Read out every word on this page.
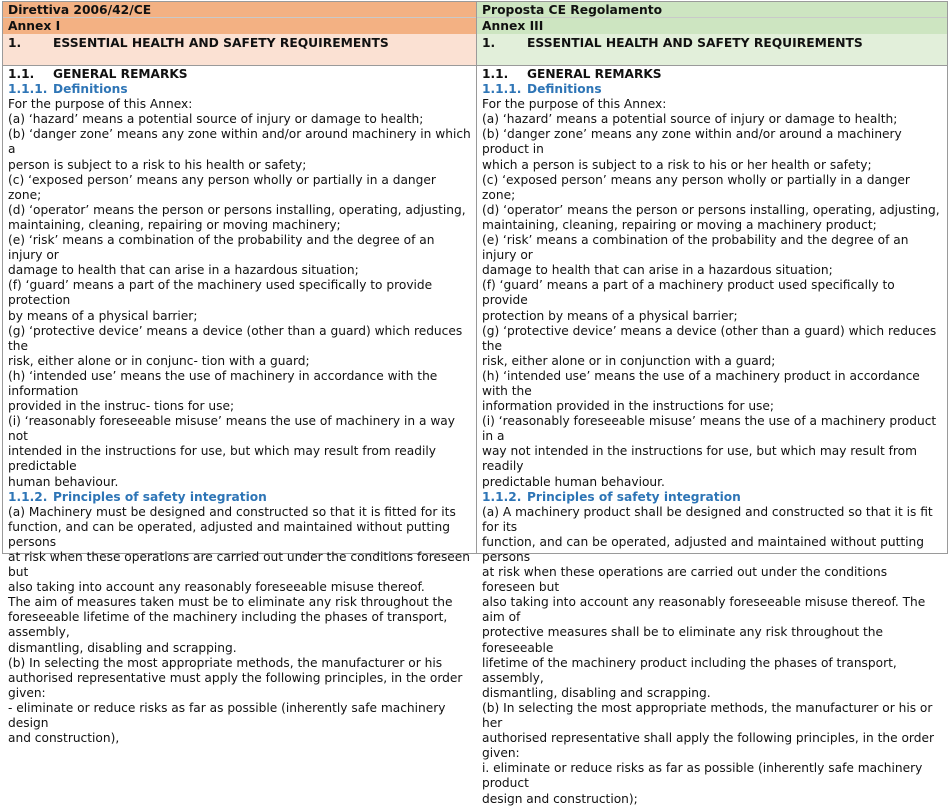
Direttiva 2006/42/CE
Annex I
1.	ESSENTIAL HEALTH AND SAFETY REQUIREMENTS

1.1. GENERAL REMARKS

1.1.1. Definitions

For the purpose of this Annex:

(a) ‘hazard’ means a potential source of injury or damage to health;

(b) ‘danger zone’ means any zone within and/or around machinery in which a

person is subject to a risk to his health or safety;

(c) ‘exposed person’ means any person wholly or partially in a danger zone;

(d) ‘operator’ means the person or persons installing, operating, adjusting,

maintaining, cleaning, repairing or moving machinery;

(e) ‘risk’ means a combination of the probability and the degree of an injury or

damage to health that can arise in a hazardous situation;

(f) ‘guard’ means a part of the machinery used specifically to provide protection

by means of a physical barrier;

(g) ‘protective device’ means a device (other than a guard) which reduces the

risk, either alone or in conjunc- tion with a guard;

(h) ‘intended use’ means the use of machinery in accordance with the information

provided in the instruc- tions for use;

(i) ‘reasonably foreseeable misuse’ means the use of machinery in a way not

intended in the instructions for use, but which may result from readily predictable

human behaviour.

1.1.2. Principles of safety integration

(a) Machinery must be designed and constructed so that it is fitted for its

function, and can be operated, adjusted and maintained without putting persons

at risk when these operations are carried out under the conditions foreseen but

also taking into account any reasonably foreseeable misuse thereof.

The aim of measures taken must be to eliminate any risk throughout the

foreseeable lifetime of the machinery including the phases of transport, assembly,

dismantling, disabling and scrapping.

(b) In selecting the most appropriate methods, the manufacturer or his

authorised representative must apply the following principles, in the order given:

- eliminate or reduce risks as far as possible (inherently safe machinery design

and construction),

Proposta CE Regolamento
Annex III
1.	ESSENTIAL HEALTH AND SAFETY REQUIREMENTS

1.1. GENERAL REMARKS

1.1.1. Definitions

For the purpose of this Annex:

(a) ‘hazard’ means a potential source of injury or damage to health;

(b) ‘danger zone’ means any zone within and/or around a machinery product in

which a person is subject to a risk to his or her health or safety;

(c) ‘exposed person’ means any person wholly or partially in a danger zone;

(d) ‘operator’ means the person or persons installing, operating, adjusting,

maintaining, cleaning, repairing or moving a machinery product;

(e) ‘risk’ means a combination of the probability and the degree of an injury or

damage to health that can arise in a hazardous situation;

(f) ‘guard’ means a part of a machinery product used specifically to provide

protection by means of a physical barrier;

(g) ‘protective device’ means a device (other than a guard) which reduces the

risk, either alone or in conjunction with a guard;

(h) ‘intended use’ means the use of a machinery product in accordance with the

information provided in the instructions for use;

(i) ‘reasonably foreseeable misuse’ means the use of a machinery product in a

way not intended in the instructions for use, but which may result from readily

predictable human behaviour.

1.1.2. Principles of safety integration

(a) A machinery product shall be designed and constructed so that it is fit for its

function, and can be operated, adjusted and maintained without putting persons

at risk when these operations are carried out under the conditions foreseen but

also taking into account any reasonably foreseeable misuse thereof. The aim of

protective measures shall be to eliminate any risk throughout the foreseeable

lifetime of the machinery product including the phases of transport, assembly,

dismantling, disabling and scrapping.

(b) In selecting the most appropriate methods, the manufacturer or his or her

authorised representative shall apply the following principles, in the order given:

i. eliminate or reduce risks as far as possible (inherently safe machinery product

design and construction);
